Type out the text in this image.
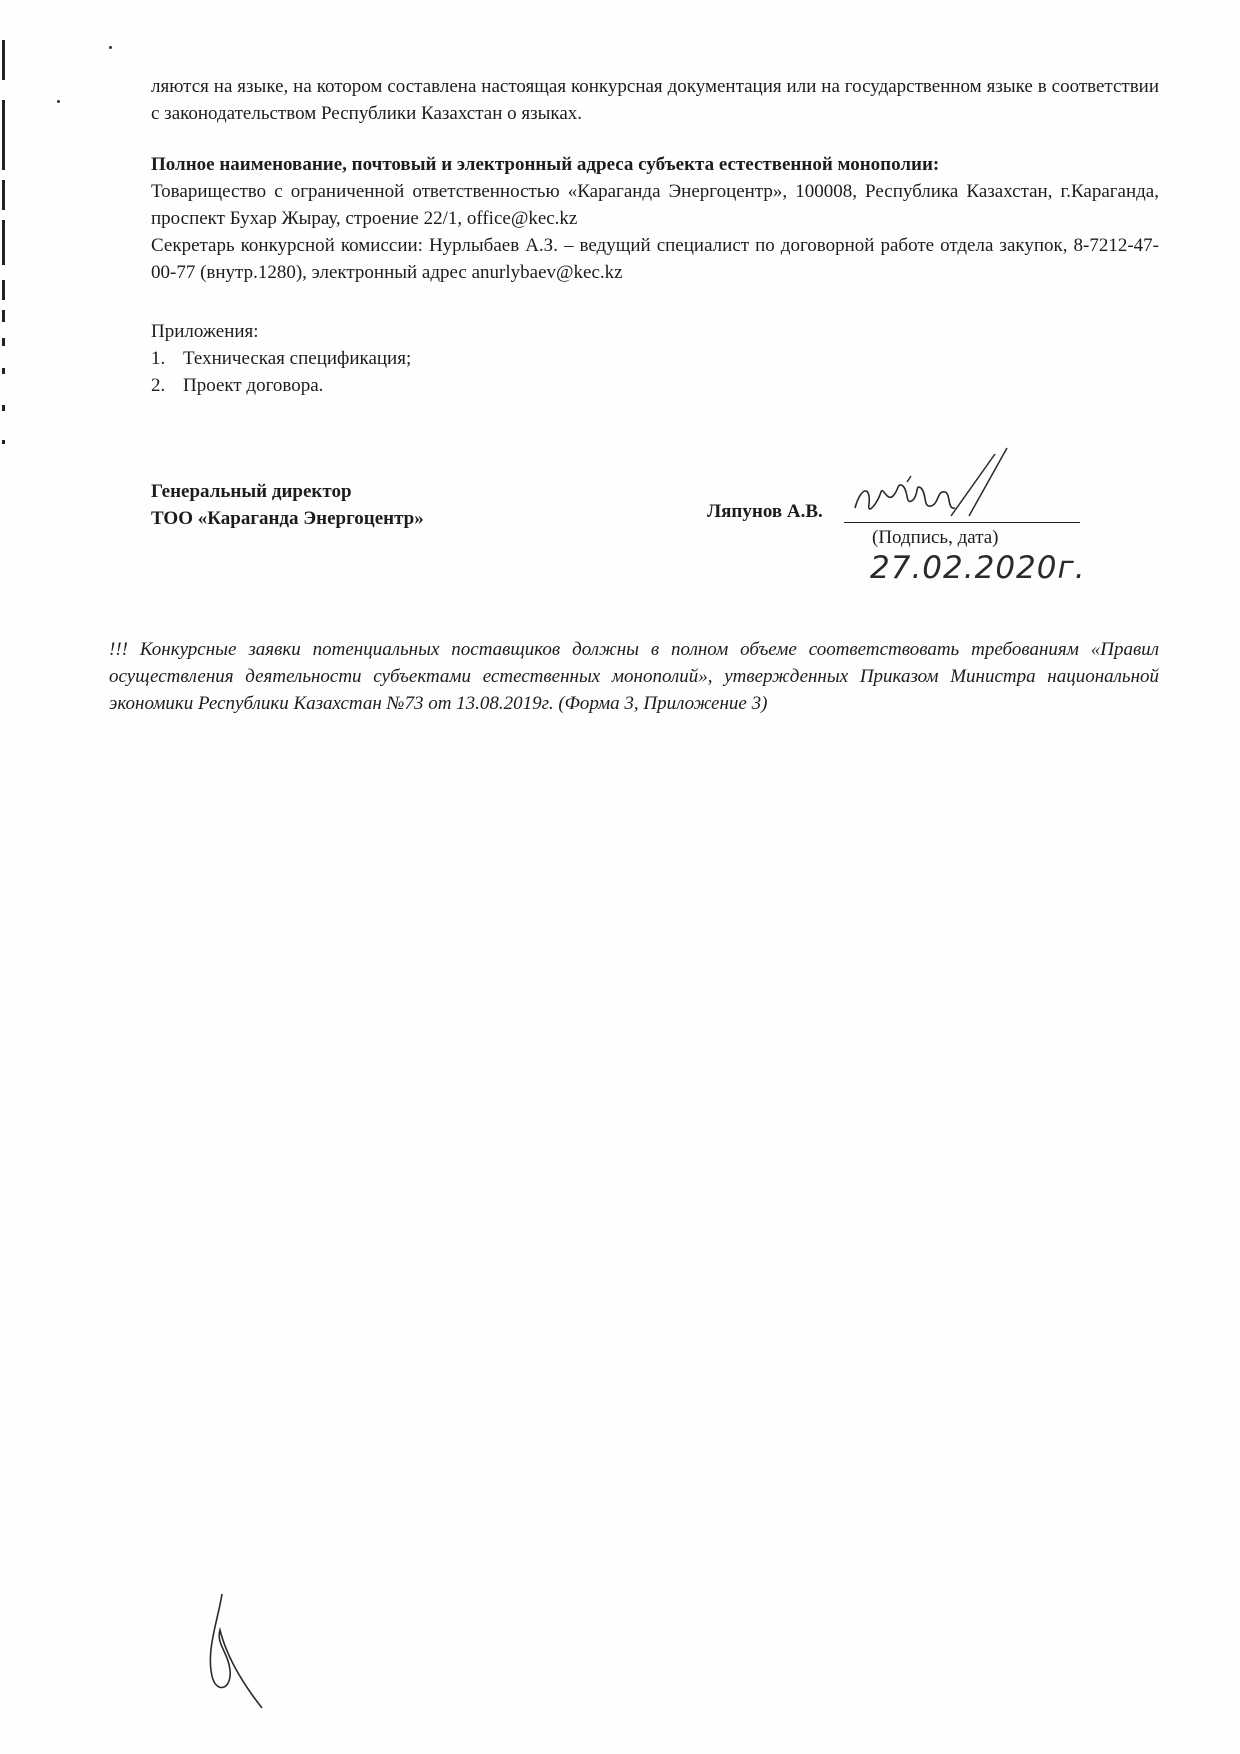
ляются на языке, на котором составлена настоящая конкурсная документация или на государственном языке в соответствии с законодательством Республики Казахстан о языках.

Полное наименование, почтовый и электронный адреса субъекта естественной монополии:

Товарищество с ограниченной ответственностью «Караганда Энергоцентр», 100008, Республика Казахстан, г.Караганда, проспект Бухар Жырау, строение 22/1, office@kec.kz

Секретарь конкурсной комиссии: Нурлыбаев А.З. – ведущий специалист по договорной работе отдела закупок, 8-7212-47-00-77 (внутр.1280), электронный адрес anurlybaev@kec.kz

Приложения:
1. Техническая спецификация;
2. Проект договора.
Генеральный директор
ТОО «Караганда Энергоцентр»	Ляпунов А.В.
(Подпись, дата)
27.02.2020г.
!!! Конкурсные заявки потенциальных поставщиков должны в полном объеме соответствовать требованиям «Правил осуществления деятельности субъектами естественных монополий», утвержденных Приказом Министра национальной экономики Республики Казахстан №73 от 13.08.2019г. (Форма 3, Приложение 3)
